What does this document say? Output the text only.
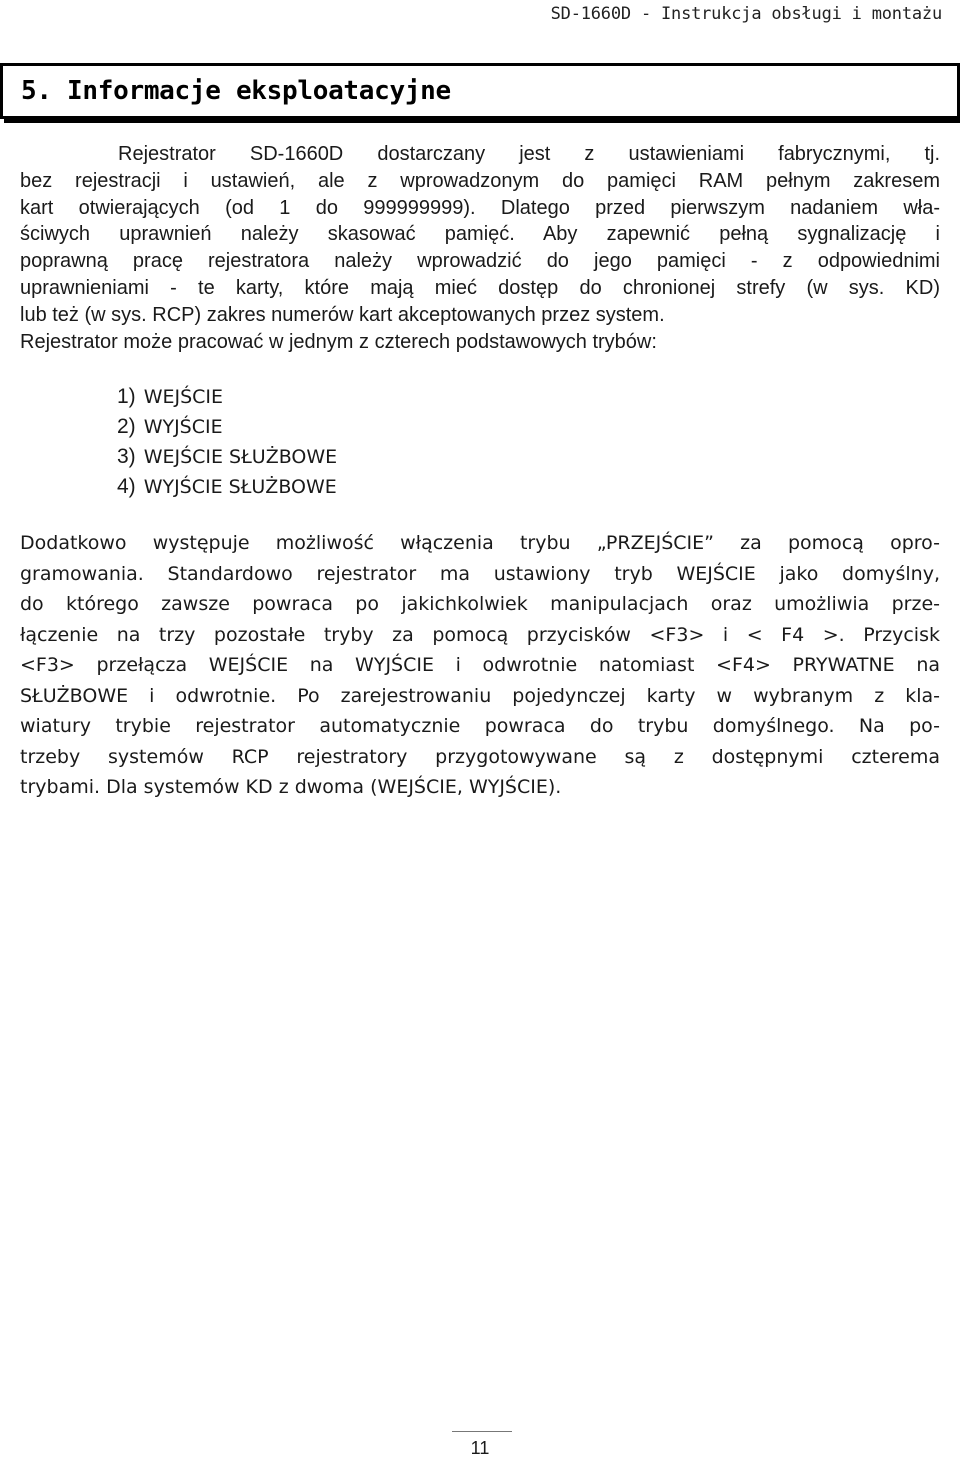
SD-1660D - Instrukcja obsługi i montażu
5. Informacje eksploatacyjne
Rejestrator SD-1660D dostarczany jest z ustawieniami fabrycznymi, tj.
bez rejestracji i ustawień, ale z wprowadzonym do pamięci RAM pełnym zakresem
kart otwierających (od 1 do 999999999). Dlatego przed pierwszym nadaniem wła-
ściwych uprawnień należy skasować pamięć. Aby zapewnić pełną sygnalizację i
poprawną pracę rejestratora należy wprowadzić do jego pamięci - z odpowiednimi
uprawnieniami - te karty, które mają mieć dostęp do chronionej strefy (w sys. KD)
lub też (w sys. RCP) zakres numerów kart akceptowanych przez system.
Rejestrator może pracować w jednym z czterech podstawowych trybów:
1) WEJŚCIE
2) WYJŚCIE
3) WEJŚCIE SŁUŻBOWE
4) WYJŚCIE SŁUŻBOWE
Dodatkowo występuje możliwość włączenia trybu „PRZEJŚCIE” za pomocą opro-
gramowania. Standardowo rejestrator ma ustawiony tryb WEJŚCIE jako domyślny,
do którego zawsze powraca po jakichkolwiek manipulacjach oraz umożliwia prze-
łączenie na trzy pozostałe tryby za pomocą przycisków <F3> i < F4 >. Przycisk
<F3> przełącza WEJŚCIE na WYJŚCIE i odwrotnie natomiast <F4> PRYWATNE na
SŁUŻBOWE i odwrotnie. Po zarejestrowaniu pojedynczej karty w wybranym z kla-
wiatury trybie rejestrator automatycznie powraca do trybu domyślnego. Na po-
trzeby systemów RCP rejestratory przygotowywane są z dostępnymi czterema
trybami. Dla systemów KD z dwoma (WEJŚCIE, WYJŚCIE).
11
